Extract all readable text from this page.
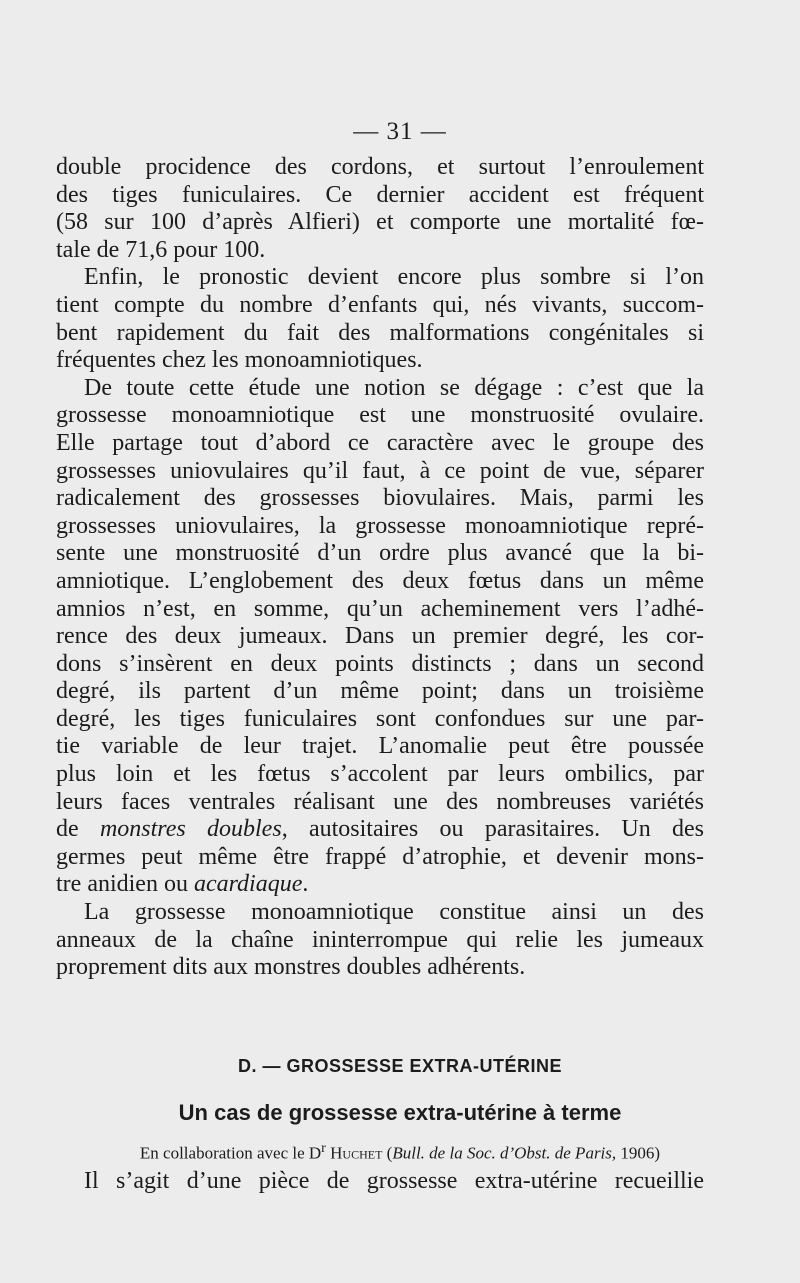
— 31 —
double procidence des cordons, et surtout l’enroulement
des tiges funiculaires. Ce dernier accident est fréquent
(58 sur 100 d’après Alfieri) et comporte une mortalité fœ-
tale de 71,6 pour 100.
Enfin, le pronostic devient encore plus sombre si l’on
tient compte du nombre d’enfants qui, nés vivants, succom-
bent rapidement du fait des malformations congénitales si
fréquentes chez les monoamniotiques.
De toute cette étude une notion se dégage : c’est que la
grossesse monoamniotique est une monstruosité ovulaire.
Elle partage tout d’abord ce caractère avec le groupe des
grossesses uniovulaires qu’il faut, à ce point de vue, séparer
radicalement des grossesses biovulaires. Mais, parmi les
grossesses uniovulaires, la grossesse monoamniotique repré-
sente une monstruosité d’un ordre plus avancé que la bi-
amniotique. L’englobement des deux fœtus dans un même
amnios n’est, en somme, qu’un acheminement vers l’adhé-
rence des deux jumeaux. Dans un premier degré, les cor-
dons s’insèrent en deux points distincts ; dans un second
degré, ils partent d’un même point; dans un troisième
degré, les tiges funiculaires sont confondues sur une par-
tie variable de leur trajet. L’anomalie peut être poussée
plus loin et les fœtus s’accolent par leurs ombilics, par
leurs faces ventrales réalisant une des nombreuses variétés
de monstres doubles, autositaires ou parasitaires. Un des
germes peut même être frappé d’atrophie, et devenir mons-
tre anidien ou acardiaque.
La grossesse monoamniotique constitue ainsi un des
anneaux de la chaîne ininterrompue qui relie les jumeaux
proprement dits aux monstres doubles adhérents.
D. — GROSSESSE EXTRA-UTÉRINE
Un cas de grossesse extra-utérine à terme
En collaboration avec le $D^r$ Huchet (Bull. de la Soc. d’Obst. de Paris, 1906)
Il s’agit d’une pièce de grossesse extra-utérine recueillie
